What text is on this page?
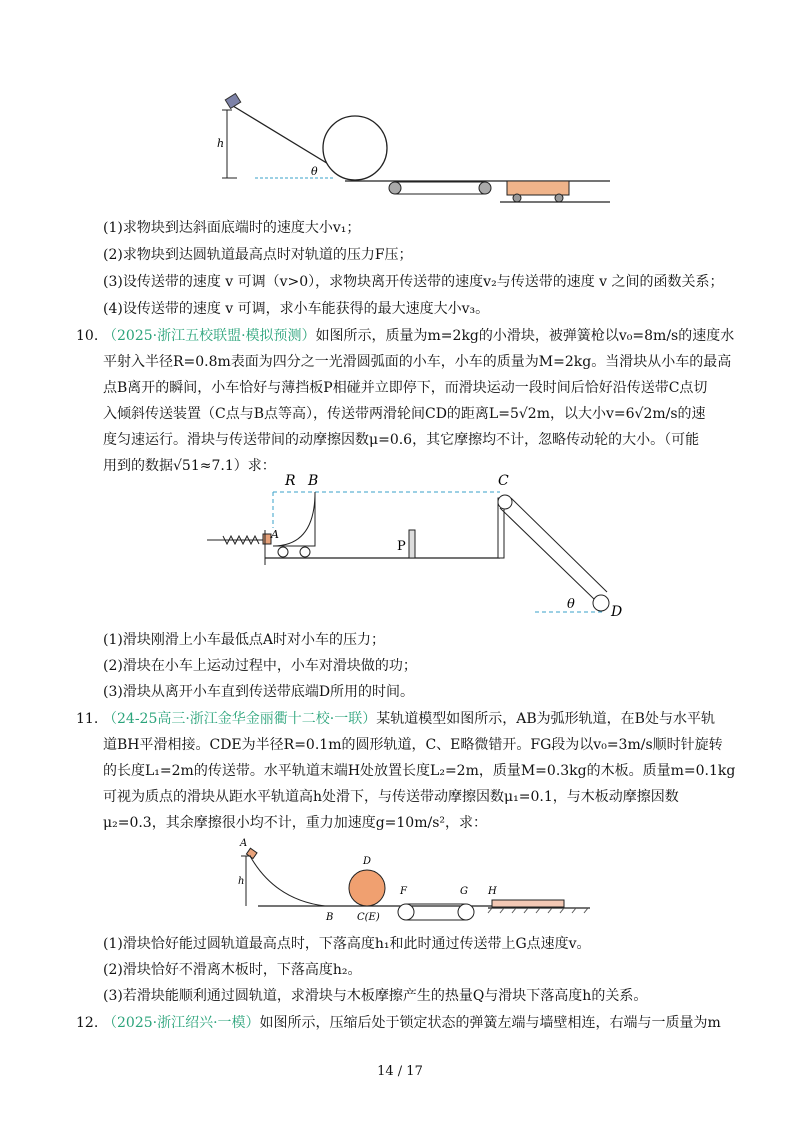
h
θ
(1)求物块到达斜面底端时的速度大小v₁；
(2)求物块到达圆轨道最高点时对轨道的压力F压；
(3)设传送带的速度 v 可调（v>0），求物块离开传送带的速度v₂与传送带的速度 v 之间的函数关系；
(4)设传送带的速度 v 可调，求小车能获得的最大速度大小v₃。
10. （2025·浙江五校联盟·模拟预测）如图所示，质量为m=2kg的小滑块，被弹簧枪以v₀=8m/s的速度水
平射入半径R=0.8m表面为四分之一光滑圆弧面的小车，小车的质量为M=2kg。当滑块从小车的最高
点B离开的瞬间，小车恰好与薄挡板P相碰并立即停下，而滑块运动一段时间后恰好沿传送带C点切
入倾斜传送装置（C点与B点等高），传送带两滑轮间CD的距离L=5√2m，以大小v=6√2m/s的速
度匀速运行。滑块与传送带间的动摩擦因数μ=0.6，其它摩擦均不计，忽略传动轮的大小。（可能
用到的数据√51≈7.1）求：
R B	C
A
P
θ	D
(1)滑块刚滑上小车最低点A时对小车的压力；
(2)滑块在小车上运动过程中，小车对滑块做的功；
(3)滑块从离开小车直到传送带底端D所用的时间。
11. （24-25高三·浙江金华金丽衢十二校·一联）某轨道模型如图所示，AB为弧形轨道，在B处与水平轨
道BH平滑相接。CDE为半径R=0.1m的圆形轨道，C、E略微错开。FG段为以v₀=3m/s顺时针旋转
的长度L₁=2m的传送带。水平轨道末端H处放置长度L₂=2m，质量M=0.3kg的木板。质量m=0.1kg
可视为质点的滑块从距水平轨道高h处滑下，与传送带动摩擦因数μ₁=0.1，与木板动摩擦因数
μ₂=0.3，其余摩擦很小均不计，重力加速度g=10m/s²，求：
A
h
B
D
C(E)
F	G H
(1)滑块恰好能过圆轨道最高点时，下落高度h₁和此时通过传送带上G点速度v。
(2)滑块恰好不滑离木板时，下落高度h₂。
(3)若滑块能顺利通过圆轨道，求滑块与木板摩擦产生的热量Q与滑块下落高度h的关系。
12. （2025·浙江绍兴·一模）如图所示，压缩后处于锁定状态的弹簧左端与墙壁相连，右端与一质量为m
14 / 17
